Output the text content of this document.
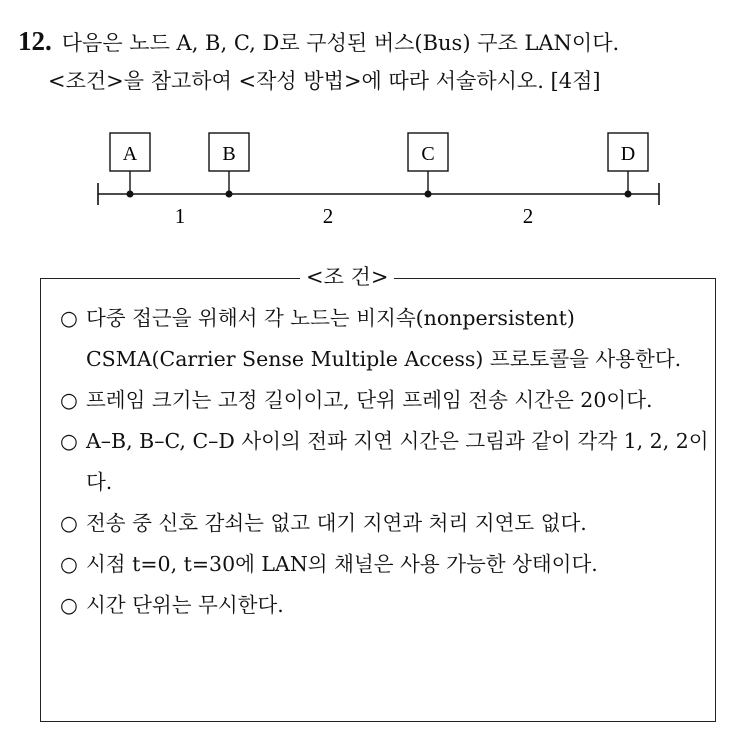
12. 다음은 노드 A, B, C, D로 구성된 버스(Bus) 구조 LAN이다.
<조건>을 참고하여 <작성 방법>에 따라 서술하시오. [4점]
A	B	C	D
1	2	2
<조 건>
○ 다중 접근을 위해서 각 노드는 비지속(nonpersistent) CSMA(Carrier Sense Multiple Access) 프로토콜을 사용한다.
○ 프레임 크기는 고정 길이이고, 단위 프레임 전송 시간은 20이다.
○ A–B, B–C, C–D 사이의 전파 지연 시간은 그림과 같이 각각 1, 2, 2이다.
○ 전송 중 신호 감쇠는 없고 대기 지연과 처리 지연도 없다.
○ 시점 t=0, t=30에 LAN의 채널은 사용 가능한 상태이다.
○ 시간 단위는 무시한다.
